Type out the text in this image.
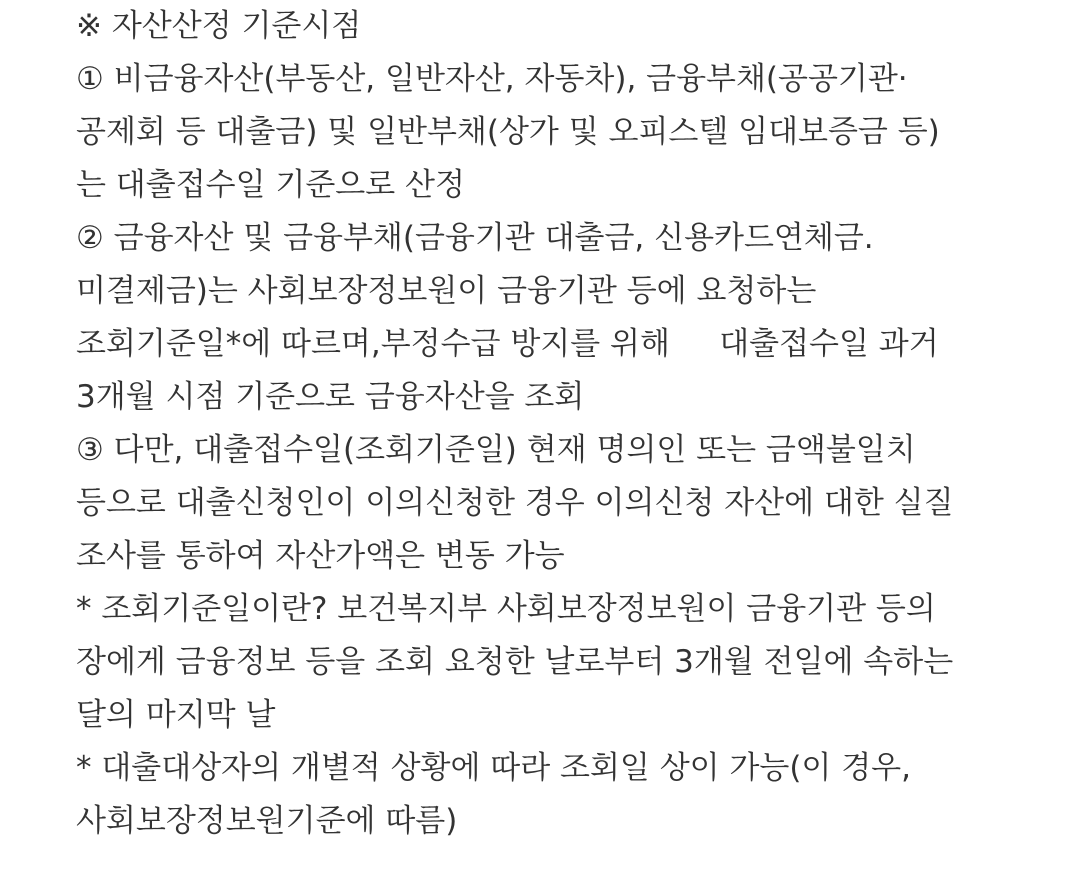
※ 자산산정 기준시점
① 비금융자산(부동산, 일반자산, 자동차), 금융부채(공공기관·
공제회 등 대출금) 및 일반부채(상가 및 오피스텔 임대보증금 등)
는 대출접수일 기준으로 산정
② 금융자산 및 금융부채(금융기관 대출금, 신용카드연체금.
미결제금)는 사회보장정보원이 금융기관 등에 요청하는
조회기준일*에 따르며,부정수급 방지를 위해     대출접수일 과거
3개월 시점 기준으로 금융자산을 조회
③ 다만, 대출접수일(조회기준일) 현재 명의인 또는 금액불일치
등으로 대출신청인이 이의신청한 경우 이의신청 자산에 대한 실질
조사를 통하여 자산가액은 변동 가능
* 조회기준일이란? 보건복지부 사회보장정보원이 금융기관 등의
장에게 금융정보 등을 조회 요청한 날로부터 3개월 전일에 속하는
달의 마지막 날
* 대출대상자의 개별적 상황에 따라 조회일 상이 가능(이 경우,
사회보장정보원기준에 따름)
